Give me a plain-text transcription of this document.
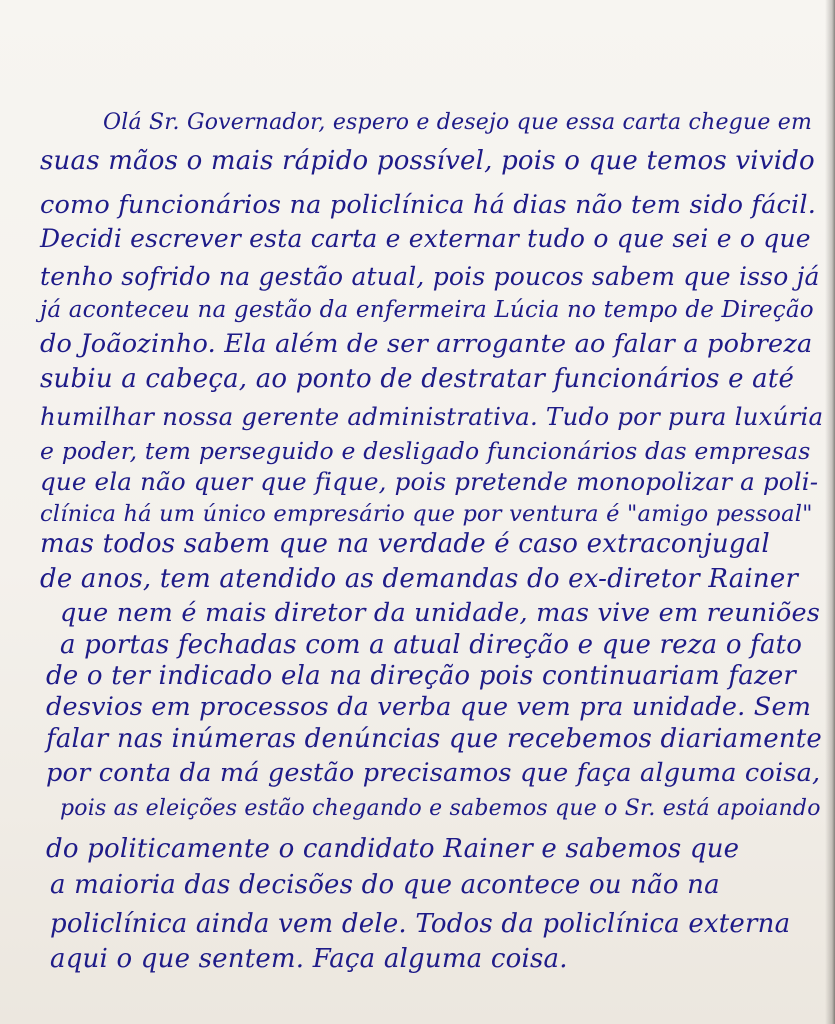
Olá Sr. Governador, espero e desejo que essa carta chegue em
suas mãos o mais rápido possível, pois o que temos vivido
como funcionários na policlínica há dias não tem sido fácil.
Decidi escrever esta carta e externar tudo o que sei e o que
tenho sofrido na gestão atual, pois poucos sabem que isso já
já aconteceu na gestão da enfermeira Lúcia no tempo de Direção
do Joãozinho. Ela além de ser arrogante ao falar a pobreza
subiu a cabeça, ao ponto de destratar funcionários e até
humilhar nossa gerente administrativa. Tudo por pura luxúria
e poder, tem perseguido e desligado funcionários das empresas
que ela não quer que fique, pois pretende monopolizar a poli-
clínica há um único empresário que por ventura é "amigo pessoal"
mas todos sabem que na verdade é caso extraconjugal
de anos, tem atendido as demandas do ex-diretor Rainer
que nem é mais diretor da unidade, mas vive em reuniões
a portas fechadas com a atual direção e que reza o fato
de o ter indicado ela na direção pois continuariam fazer
desvios em processos da verba que vem pra unidade. Sem
falar nas inúmeras denúncias que recebemos diariamente
por conta da má gestão precisamos que faça alguma coisa,
pois as eleições estão chegando e sabemos que o Sr. está apoiando
do politicamente o candidato Rainer e sabemos que
a maioria das decisões do que acontece ou não na
policlínica ainda vem dele. Todos da policlínica externa
aqui o que sentem. Faça alguma coisa.
